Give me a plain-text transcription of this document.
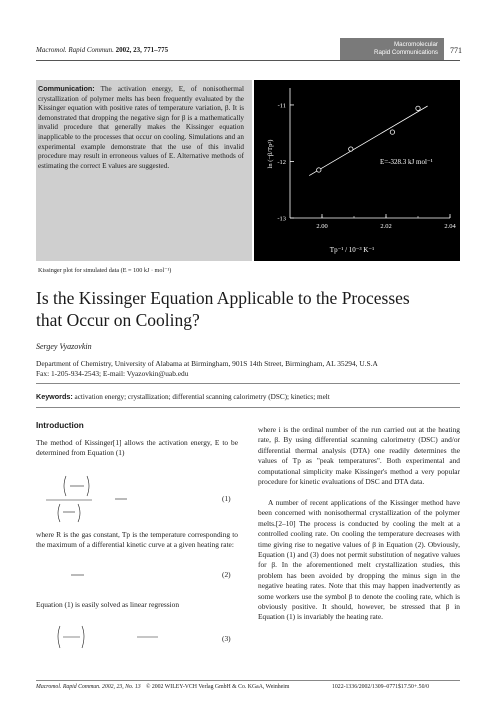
Macromol. Rapid Commun. 2002, 23, 771–775
Macromolecular
Rapid Communications 771
Communication: The activation energy, E, of nonisothermal crystallization of polymer melts has been frequently evaluated by the Kissinger equation with positive rates of temperature variation, β. It is demonstrated that dropping the negative sign for β is a mathematically invalid procedure that generally makes the Kissinger equation inapplicable to the processes that occur on cooling. Simulations and an experimental example demonstrate that the use of this invalid procedure may result in erroneous values of E. Alternative methods of estimating the correct E values are suggested.
Kissinger plot for simulated data (E = 100 kJ · mol⁻¹)
E=-328.3 kJ mol⁻¹
Tp⁻¹ / 10⁻³ K⁻¹
ln (−β/Tp²)
2.00	2.02	2.04
-11
-12
-13
Is the Kissinger Equation Applicable to the Processes
that Occur on Cooling?
Sergey Vyazovkin
Department of Chemistry, University of Alabama at Birmingham, 901S 14th Street, Birmingham, AL 35294, U.S.A
Fax: 1-205-934-2543; E-mail: Vyazovkin@uab.edu
Keywords: activation energy; crystallization; differential scanning calorimetry (DSC); kinetics; melt
Introduction
The method of Kissinger[1] allows the activation energy, E to be determined from Equation (1)
d ln
β
T p
2
d
1
T p
= −
E
R
(1)
where R is the gas constant, Tp is the temperature corresponding to the maximum of a differential kinetic curve at a given heating rate:
β =
dT
dt
(2)
Equation (1) is easily solved as linear regression
ln
β i
T 2
p,i
= Const −
E
RT p,i
(3)
where i is the ordinal number of the run carried out at the heating rate, β. By using differential scanning calorimetry (DSC) and/or differential thermal analysis (DTA) one readily determines the values of Tp as "peak temperatures". Both experimental and computational simplicity make Kissinger's method a very popular procedure for kinetic evaluations of DSC and DTA data.
A number of recent applications of the Kissinger method have been concerned with nonisothermal crystallization of the polymer melts.[2–10] The process is conducted by cooling the melt at a controlled cooling rate. On cooling the temperature decreases with time giving rise to negative values of β in Equation (2). Obviously, Equation (1) and (3) does not permit substitution of negative values for β. In the aforementioned melt crystallization studies, this problem has been avoided by dropping the minus sign in the negative heating rates. Note that this may happen inadvertently as some workers use the symbol β to denote the cooling rate, which is obviously positive. It should, however, be stressed that β in Equation (1) is invariably the heating rate.
Macromol. Rapid Commun. 2002, 23, No. 13 © 2002 WILEY-VCH Verlag GmbH & Co. KGaA, Weinheim	1022-1336/2002/1309–0771$17.50+.50/0
